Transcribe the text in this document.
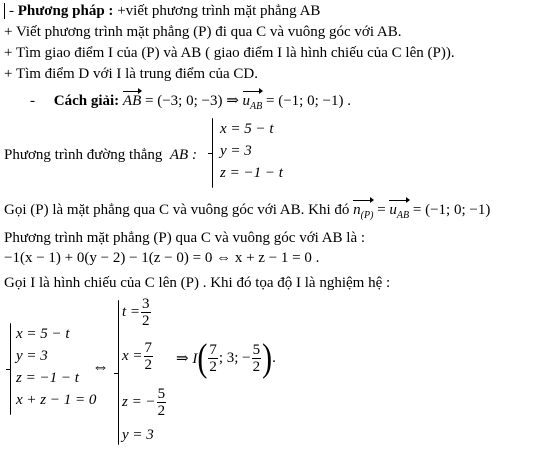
- Phương pháp : +viết phương trình mặt phẳng AB
+ Viết phương trình mặt phẳng (P) đi qua C và vuông góc với AB.
+ Tìm giao điểm I của (P) và AB ( giao điểm I là hình chiếu của C lên (P)).
+ Tìm điểm D với I là trung điểm của CD.
- Cách giải: AB = (−3; 0; −3) ⇒ $u_{AB} = (-1$; 0; −1) .
Phương trình đường thẳng AB :
x = 5 − t
y = 3
z = −1 − t
Gọi (P) là mặt phẳng qua C và vuông góc với AB. Khi đó $n_{(P)} = u_{AB} = (-1$; 0; −1)
Phương trình mặt phẳng (P) qua C và vuông góc với AB là :
−1(x − 1) + 0(y − 2) − 1(z − 0) = 0 ⇔ x + z − 1 = 0 .
Gọi I là hình chiếu của C lên (P) . Khi đó tọa độ I là nghiệm hệ :
x = 5 − t
y = 3
z = −1 − t
x + z − 1 = 0
⇔
$t = \frac{3}{2}$
$x = \frac{7}{2}$
z = − $\frac{5}{2}$
y = 3
⇒ I ( $\frac{7}{2}$ ; 3; − $\frac{5}{2}$ ) .
